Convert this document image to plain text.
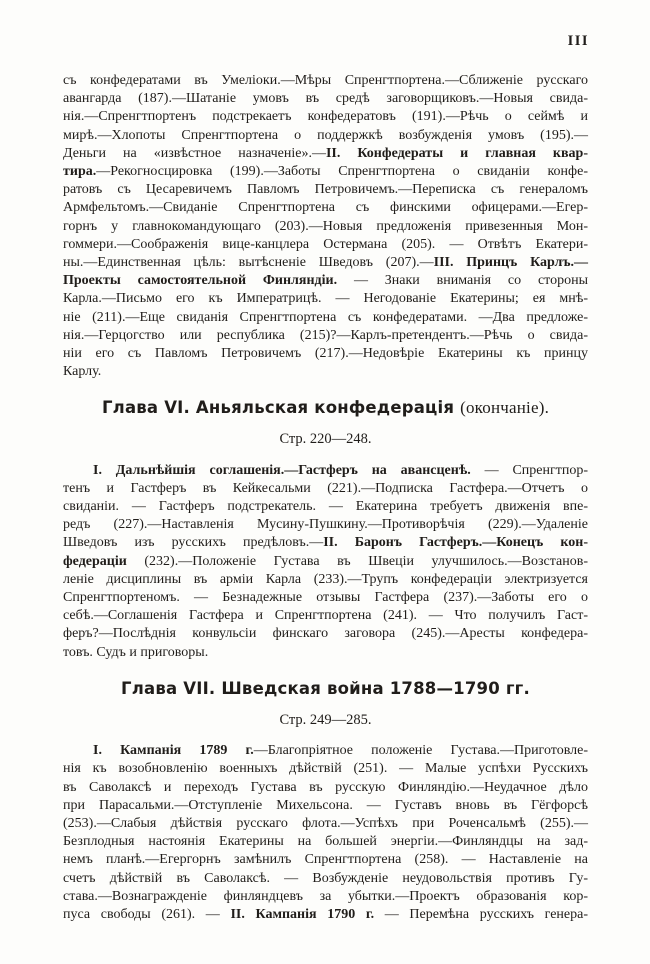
III
съ конфедератами въ Умеліоки.—Мѣры Спренгтпортена.—Сближеніе русскаго
авангарда (187).—Шатаніе умовъ въ средѣ заговорщиковъ.—Новыя свида-
нія.—Спренгтпортенъ подстрекаетъ конфедератовъ (191).—Рѣчь о сеймѣ и
мирѣ.—Хлопоты Спренгтпортена о поддержкѣ возбужденія умовъ (195).—
Деньги на «извѣстное назначеніе».—II. Конфедераты и главная квар-
тира.—Рекогносцировка (199).—Заботы Спренгтпортена о свиданіи конфе-
ратовъ съ Цесаревичемъ Павломъ Петровичемъ.—Переписка съ генераломъ
Армфельтомъ.—Свиданіе Спренгтпортена съ финскими офицерами.—Егер-
горнъ у главнокомандующаго (203).—Новыя предложенія привезенныя Мон-
гоммери.—Соображенія вице-канцлера Остермана (205). — Отвѣтъ Екатери-
ны.—Единственная цѣль: вытѣсненіе Шведовъ (207).—III. Принцъ Карлъ.—
Проекты самостоятельной Финляндіи. — Знаки вниманія со стороны
Карла.—Письмо его къ Императрицѣ. — Негодованіе Екатерины; ея мнѣ-
ніе (211).—Еще свиданія Спренгтпортена съ конфедератами. —Два предложе-
нія.—Герцогство или республика (215)?—Карлъ-претендентъ.—Рѣчь о свида-
ніи его съ Павломъ Петровичемъ (217).—Недовѣріе Екатерины къ принцу
Карлу.
Глава VI. Аньяльская конфедерація (окончаніе).
Стр. 220—248.
I. Дальнѣйшія соглашенія.—Гастферъ на авансценѣ. — Спренгтпор-
тенъ и Гастферъ въ Кейкесальми (221).—Подписка Гастфера.—Отчетъ о
свиданіи. — Гастферъ подстрекатель. — Екатерина требуетъ движенія впе-
редъ (227).—Наставленія Мусину-Пушкину.—Противорѣчія (229).—Удаленіе
Шведовъ изъ русскихъ предѣловъ.—II. Баронъ Гастферъ.—Конецъ кон-
федераціи (232).—Положеніе Густава въ Швеціи улучшилось.—Возстанов-
леніе дисциплины въ арміи Карла (233).—Трупъ конфедераціи электризуется
Спренгтпортеномъ. — Безнадежные отзывы Гастфера (237).—Заботы его о
себѣ.—Соглашенія Гастфера и Спренгтпортена (241). — Что получилъ Гаст-
феръ?—Послѣднія конвульсіи финскаго заговора (245).—Аресты конфедера-
товъ. Судъ и приговоры.
Глава VII. Шведская война 1788—1790 гг.
Стр. 249—285.
I. Кампанія 1789 г.—Благопріятное положеніе Густава.—Приготовле-
нія къ возобновленію военныхъ дѣйствій (251). — Малые успѣхи Русскихъ
въ Саволаксѣ и переходъ Густава въ русскую Финляндію.—Неудачное дѣло
при Парасальми.—Отступленіе Михельсона. — Густавъ вновь въ Гёгфорсѣ
(253).—Слабыя дѣйствія русскаго флота.—Успѣхъ при Роченсальмѣ (255).—
Безплодныя настоянія Екатерины на большей энергіи.—Финляндцы на зад-
немъ планѣ.—Егергорнъ замѣнилъ Спренгтпортена (258). — Наставленіе на
счетъ дѣйствій въ Саволаксѣ. — Возбужденіе неудовольствія противъ Гу-
става.—Вознагражденіе финляндцевъ за убытки.—Проектъ образованія кор-
пуса свободы (261). — II. Кампанія 1790 г. — Перемѣна русскихъ генера-
